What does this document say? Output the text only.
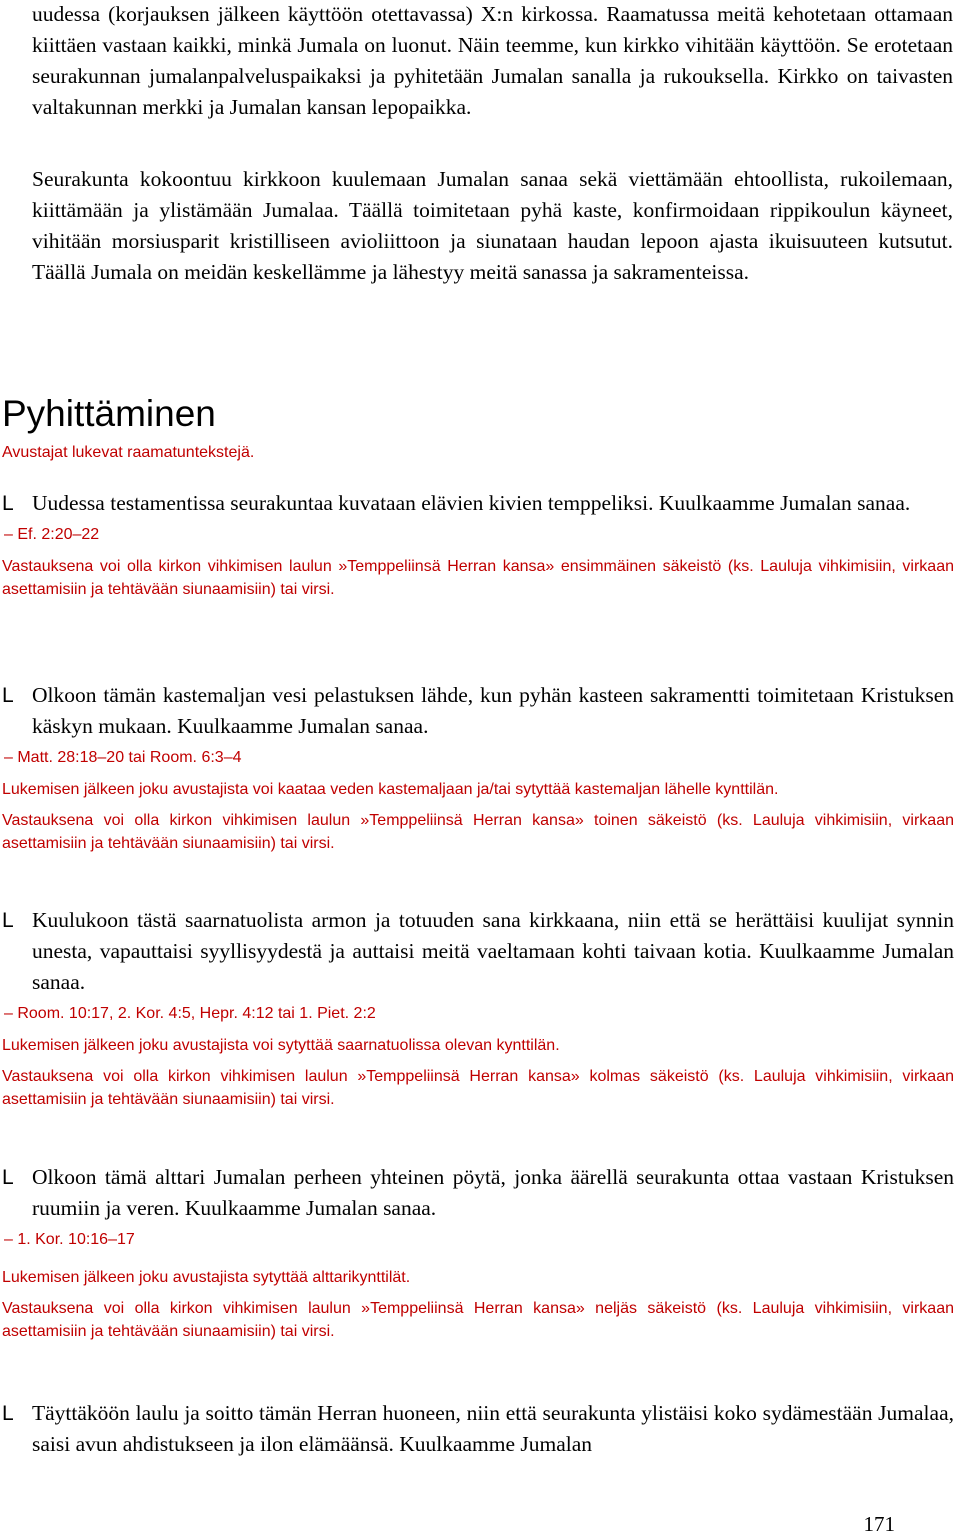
uudessa (korjauksen jälkeen käyttöön otettavassa) X:n kirkossa. Raamatussa meitä kehotetaan ottamaan kiittäen vastaan kaikki, minkä Jumala on luonut. Näin teemme, kun kirkko vihitään käyttöön. Se erotetaan seurakunnan jumalanpalveluspaikaksi ja pyhitetään Jumalan sanalla ja rukouksella. Kirkko on taivasten valtakunnan merkki ja Jumalan kansan lepopaikka.

Seurakunta kokoontuu kirkkoon kuulemaan Jumalan sanaa sekä viettämään ehtoollista, rukoilemaan, kiittämään ja ylistämään Jumalaa. Täällä toimitetaan pyhä kaste, konfirmoidaan rippikoulun käyneet, vihitään morsiusparit kristilliseen avioliittoon ja siunataan haudan lepoon ajasta ikuisuuteen kutsutut. Täällä Jumala on meidän keskellämme ja lähestyy meitä sanassa ja sakramenteissa.

Pyhittäminen

Avustajat lukevat raamatuntekstejä.

L Uudessa testamentissa seurakuntaa kuvataan elävien kivien temppeliksi. Kuulkaamme Jumalan sanaa.

– Ef. 2:20–22

Vastauksena voi olla kirkon vihkimisen laulun »Temppeliinsä Herran kansa» ensimmäinen säkeistö (ks. Lauluja vihkimisiin, virkaan asettamisiin ja tehtävään siunaamisiin) tai virsi.

L Olkoon tämän kastemaljan vesi pelastuksen lähde, kun pyhän kasteen sakramentti toimitetaan Kristuksen käskyn mukaan. Kuulkaamme Jumalan sanaa.

– Matt. 28:18–20 tai Room. 6:3–4

Lukemisen jälkeen joku avustajista voi kaataa veden kastemaljaan ja/tai sytyttää kastemaljan lähelle kynttilän.

Vastauksena voi olla kirkon vihkimisen laulun »Temppeliinsä Herran kansa» toinen säkeistö (ks. Lauluja vihkimisiin, virkaan asettamisiin ja tehtävään siunaamisiin) tai virsi.

L Kuulukoon tästä saarnatuolista armon ja totuuden sana kirkkaana, niin että se herättäisi kuulijat synnin unesta, vapauttaisi syyllisyydestä ja auttaisi meitä vaeltamaan kohti taivaan kotia. Kuulkaamme Jumalan sanaa.

– Room. 10:17, 2. Kor. 4:5, Hepr. 4:12 tai 1. Piet. 2:2

Lukemisen jälkeen joku avustajista voi sytyttää saarnatuolissa olevan kynttilän.

Vastauksena voi olla kirkon vihkimisen laulun »Temppeliinsä Herran kansa» kolmas säkeistö (ks. Lauluja vihkimisiin, virkaan asettamisiin ja tehtävään siunaamisiin) tai virsi.

L Olkoon tämä alttari Jumalan perheen yhteinen pöytä, jonka äärellä seurakunta ottaa vastaan Kristuksen ruumiin ja veren. Kuulkaamme Jumalan sanaa.

– 1. Kor. 10:16–17

Lukemisen jälkeen joku avustajista sytyttää alttarikynttilät.

Vastauksena voi olla kirkon vihkimisen laulun »Temppeliinsä Herran kansa» neljäs säkeistö (ks. Lauluja vihkimisiin, virkaan asettamisiin ja tehtävään siunaamisiin) tai virsi.

L Täyttäköön laulu ja soitto tämän Herran huoneen, niin että seurakunta ylistäisi koko sydämestään Jumalaa, saisi avun ahdistukseen ja ilon elämäänsä. Kuulkaamme Jumalan

171
